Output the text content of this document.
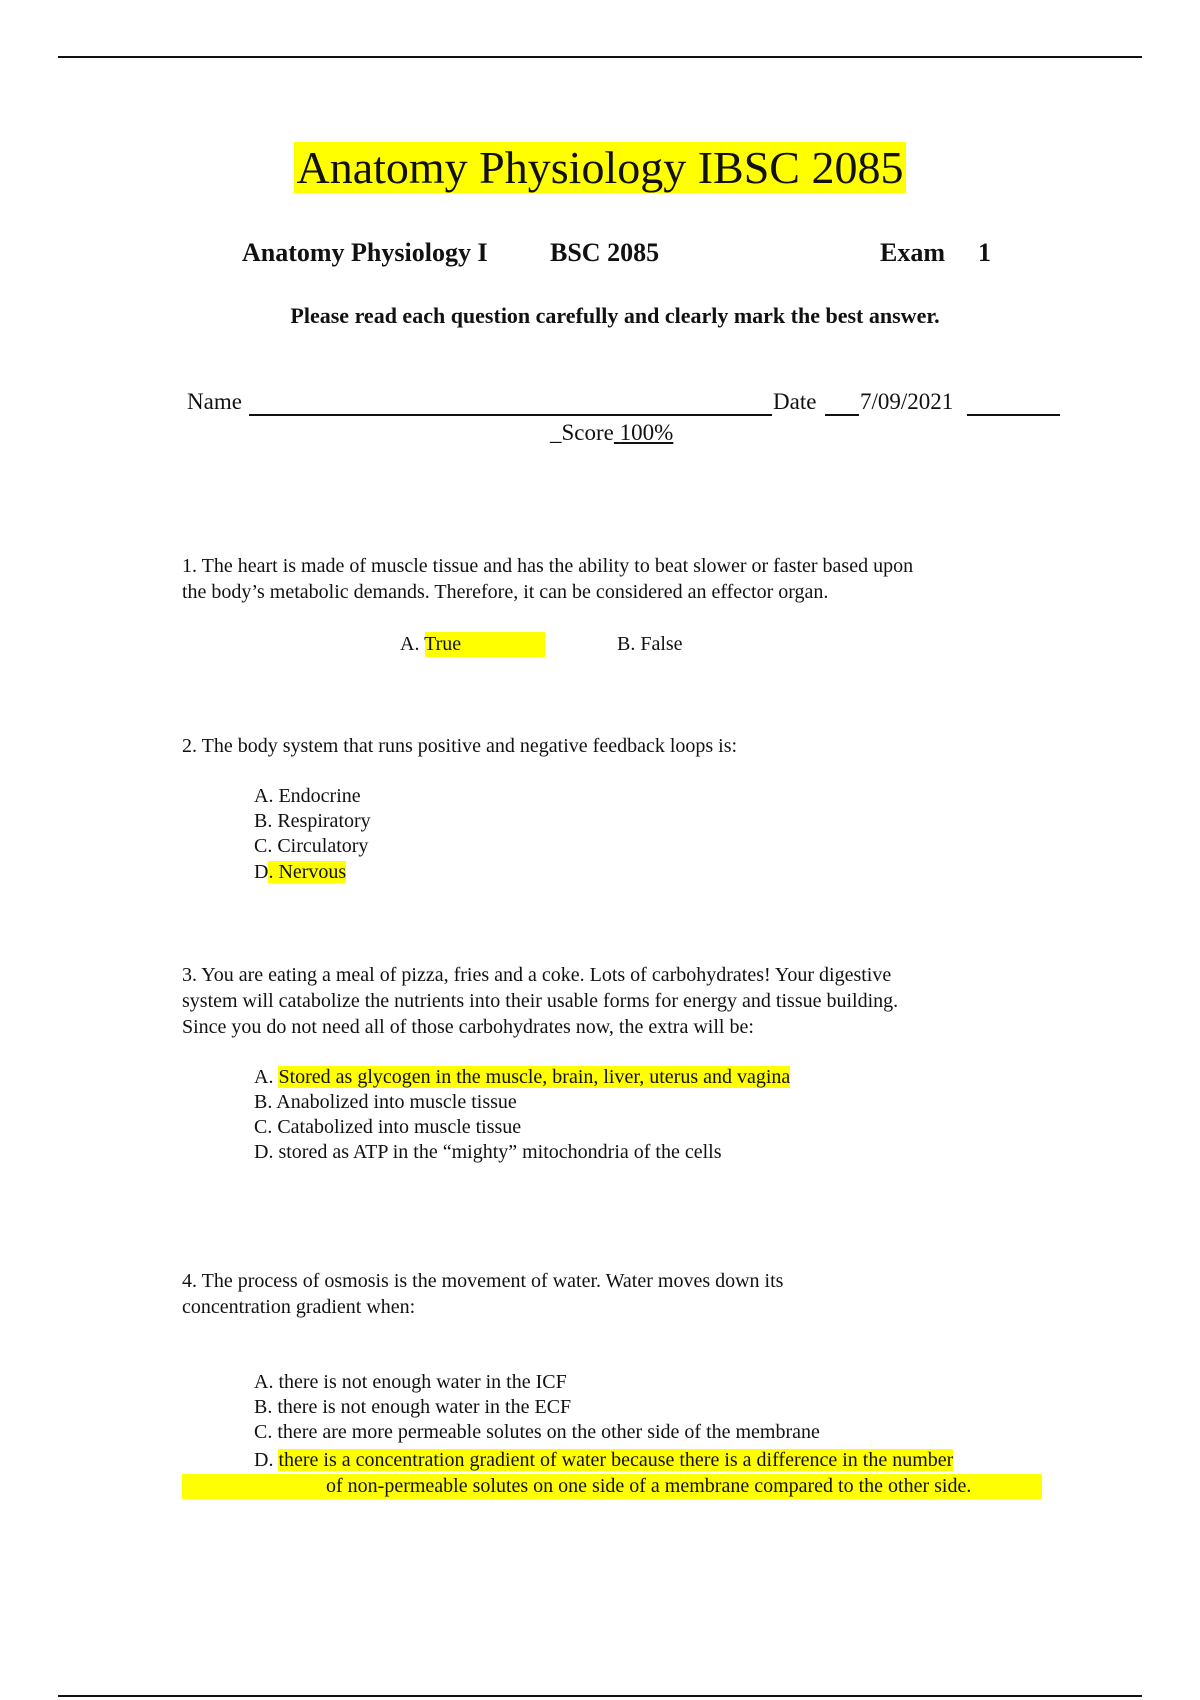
Anatomy Physiology IBSC 2085
Anatomy Physiology I BSC 2085	Exam 1
Please read each question carefully and clearly mark the best answer.
Name	Date 7/09/2021
_Score 100%
1. The heart is made of muscle tissue and has the ability to beat slower or faster based upon
the body’s metabolic demands. Therefore, it can be considered an effector organ.
A. True	B. False
2. The body system that runs positive and negative feedback loops is:
A. Endocrine
B. Respiratory
C. Circulatory
D. Nervous
3. You are eating a meal of pizza, fries and a coke. Lots of carbohydrates! Your digestive
system will catabolize the nutrients into their usable forms for energy and tissue building.
Since you do not need all of those carbohydrates now, the extra will be:
A. Stored as glycogen in the muscle, brain, liver, uterus and vagina
B. Anabolized into muscle tissue
C. Catabolized into muscle tissue
D. stored as ATP in the “mighty” mitochondria of the cells
4. The process of osmosis is the movement of water. Water moves down its
concentration gradient when:
A. there is not enough water in the ICF
B. there is not enough water in the ECF
C. there are more permeable solutes on the other side of the membrane
D. there is a concentration gradient of water because there is a difference in the number
of non-permeable solutes on one side of a membrane compared to the other side.
